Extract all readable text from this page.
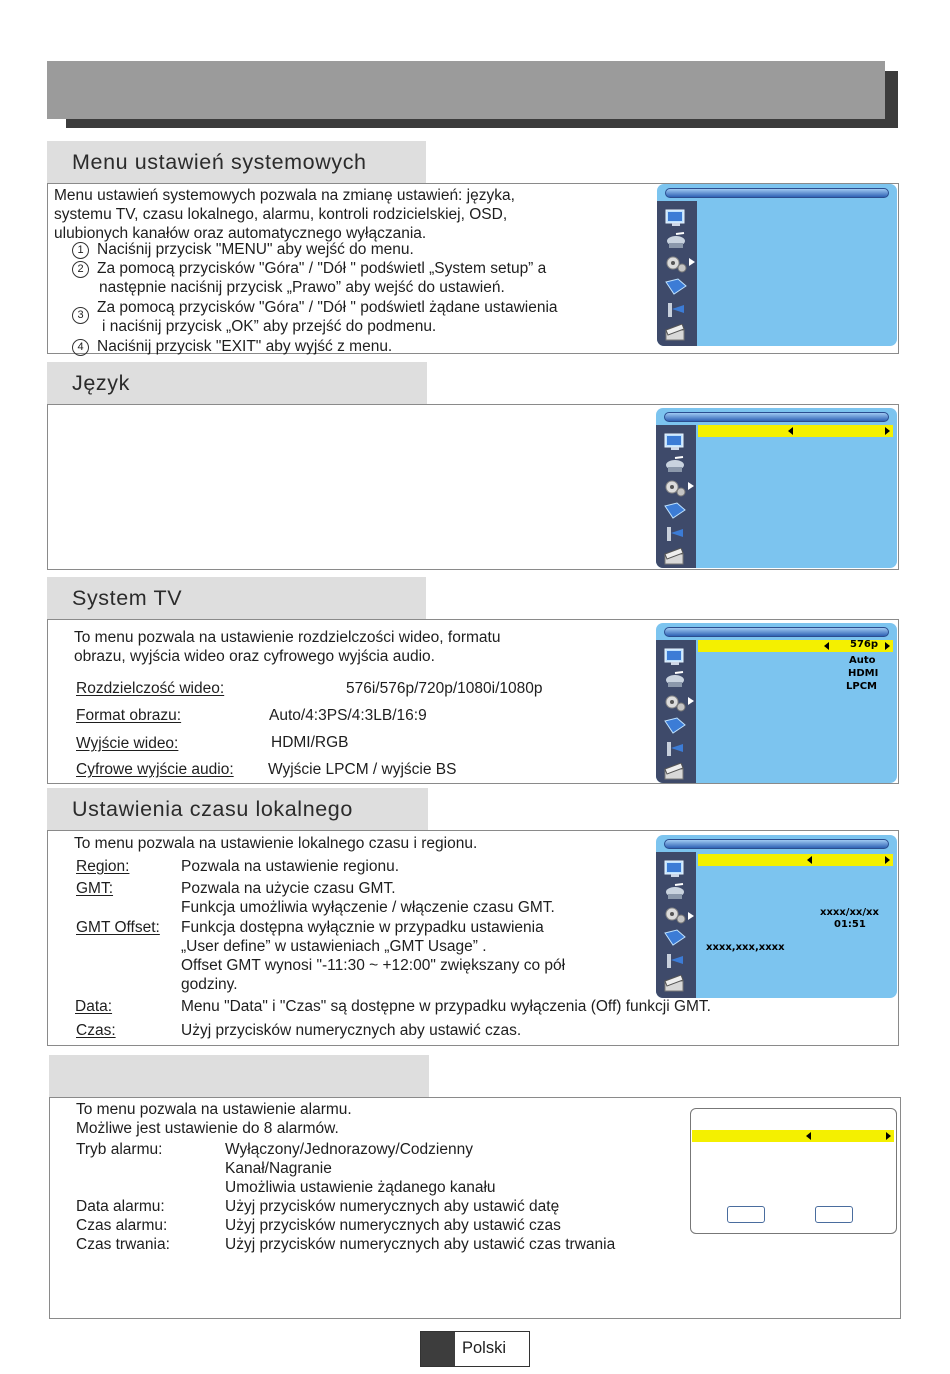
Menu ustawień systemowych
Menu ustawień systemowych pozwala na zmianę ustawień: języka,
systemu TV, czasu lokalnego, alarmu, kontroli rodzicielskiej, OSD,
ulubionych kanałów oraz automatycznego wyłączania.
1 Naciśnij przycisk "MENU" aby wejść do menu.
2 Za pomocą przycisków "Góra" / "Dół " podświetl „System setup” a
następnie naciśnij przycisk „Prawo” aby wejść do ustawień.
3 Za pomocą przycisków "Góra" / "Dół " podświetl żądane ustawienia
i naciśnij przycisk „OK” aby przejść do podmenu.
4 Naciśnij przycisk "EXIT" aby wyjść z menu.
Język
System TV
To menu pozwala na ustawienie rozdzielczości wideo, formatu
obrazu, wyjścia wideo oraz cyfrowego wyjścia audio.
Rozdzielczość wideo:	576i/576p/720p/1080i/1080p
Format obrazu:	Auto/4:3PS/4:3LB/16:9
Wyjście wideo:	HDMI/RGB
Cyfrowe wyjście audio: Wyjście LPCM / wyjście BS
576p
Auto
HDMI
LPCM
Ustawienia czasu lokalnego
To menu pozwala na ustawienie lokalnego czasu i regionu.
Region:	Pozwala na ustawienie regionu.
GMT:	Pozwala na użycie czasu GMT.
Funkcja umożliwia wyłączenie / włączenie czasu GMT.
GMT Offset: Funkcja dostępna wyłącznie w przypadku ustawienia
„User define” w ustawieniach „GMT Usage” .
Offset GMT wynosi "-11:30 ~ +12:00" zwiększany co pół
godziny.
Data:	Menu "Data" i "Czas" są dostępne w przypadku wyłączenia (Off) funkcji GMT.
Czas:	Użyj przycisków numerycznych aby ustawić czas.
xxxx/xx/xx
01:51
xxxx,xxx,xxxx
To menu pozwala na ustawienie alarmu.
Możliwe jest ustawienie do 8 alarmów.
Tryb alarmu:	Wyłączony/Jednorazowy/Codzienny
Kanał/Nagranie
Umożliwia ustawienie żądanego kanału
Data alarmu:	Użyj przycisków numerycznych aby ustawić datę
Czas alarmu:	Użyj przycisków numerycznych aby ustawić czas
Czas trwania:	Użyj przycisków numerycznych aby ustawić czas trwania
Polski
